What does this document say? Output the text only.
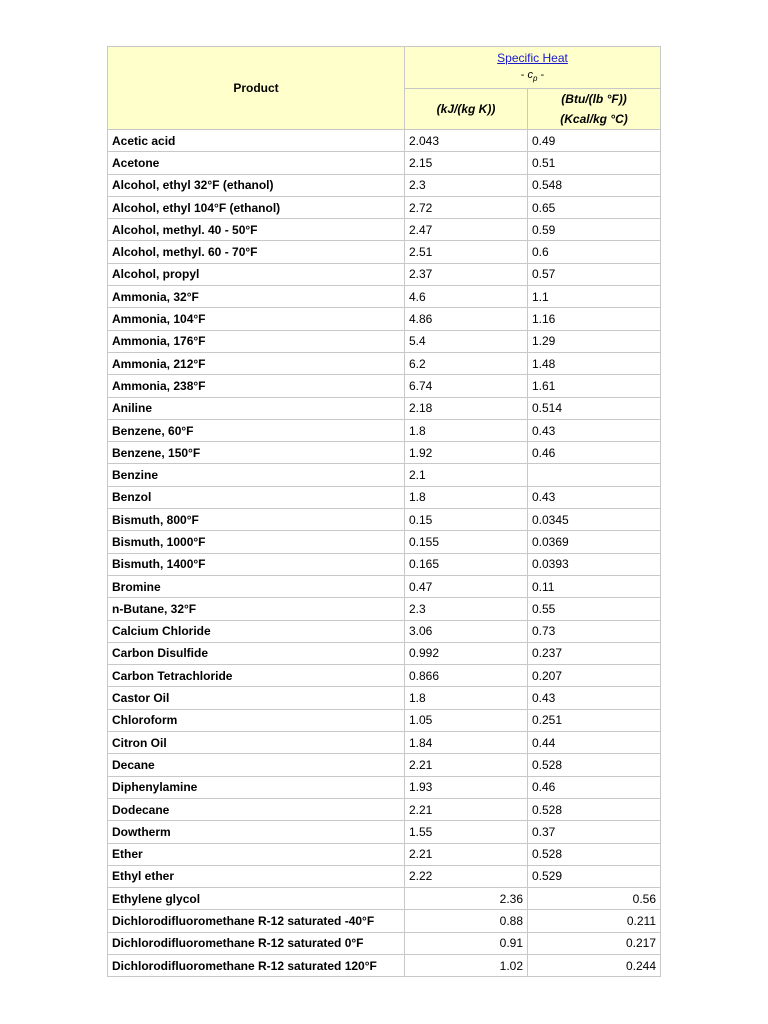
Product	Specific Heat
- $c_p$ -	

	(kJ/(kg K))	(Btu/(lb °F))
(Kcal/kg °C)

Acetic acid	2.043	0.49
Acetone	2.15	0.51
Alcohol, ethyl 32°F (ethanol)	2.3	0.548
Alcohol, ethyl 104°F (ethanol)	2.72	0.65
Alcohol, methyl. 40 - 50°F	2.47	0.59
Alcohol, methyl. 60 - 70°F	2.51	0.6
Alcohol, propyl	2.37	0.57
Ammonia, 32°F	4.6	1.1
Ammonia, 104°F	4.86	1.16
Ammonia, 176°F	5.4	1.29
Ammonia, 212°F	6.2	1.48
Ammonia, 238°F	6.74	1.61
Aniline	2.18	0.514
Benzene, 60°F	1.8	0.43
Benzene, 150°F	1.92	0.46
Benzine	2.1	
Benzol	1.8	0.43
Bismuth, 800°F	0.15	0.0345
Bismuth, 1000°F	0.155	0.0369
Bismuth, 1400°F	0.165	0.0393
Bromine	0.47	0.11
n-Butane, 32°F	2.3	0.55
Calcium Chloride	3.06	0.73
Carbon Disulfide	0.992	0.237
Carbon Tetrachloride	0.866	0.207
Castor Oil	1.8	0.43
Chloroform	1.05	0.251
Citron Oil	1.84	0.44
Decane	2.21	0.528
Diphenylamine	1.93	0.46
Dodecane	2.21	0.528
Dowtherm	1.55	0.37
Ether	2.21	0.528
Ethyl ether	2.22	0.529
Ethylene glycol	2.36	0.56
Dichlorodifluoromethane R-12 saturated -40°F	0.88	0.211
Dichlorodifluoromethane R-12 saturated 0°F	0.91	0.217
Dichlorodifluoromethane R-12 saturated 120°F	1.02	0.244
